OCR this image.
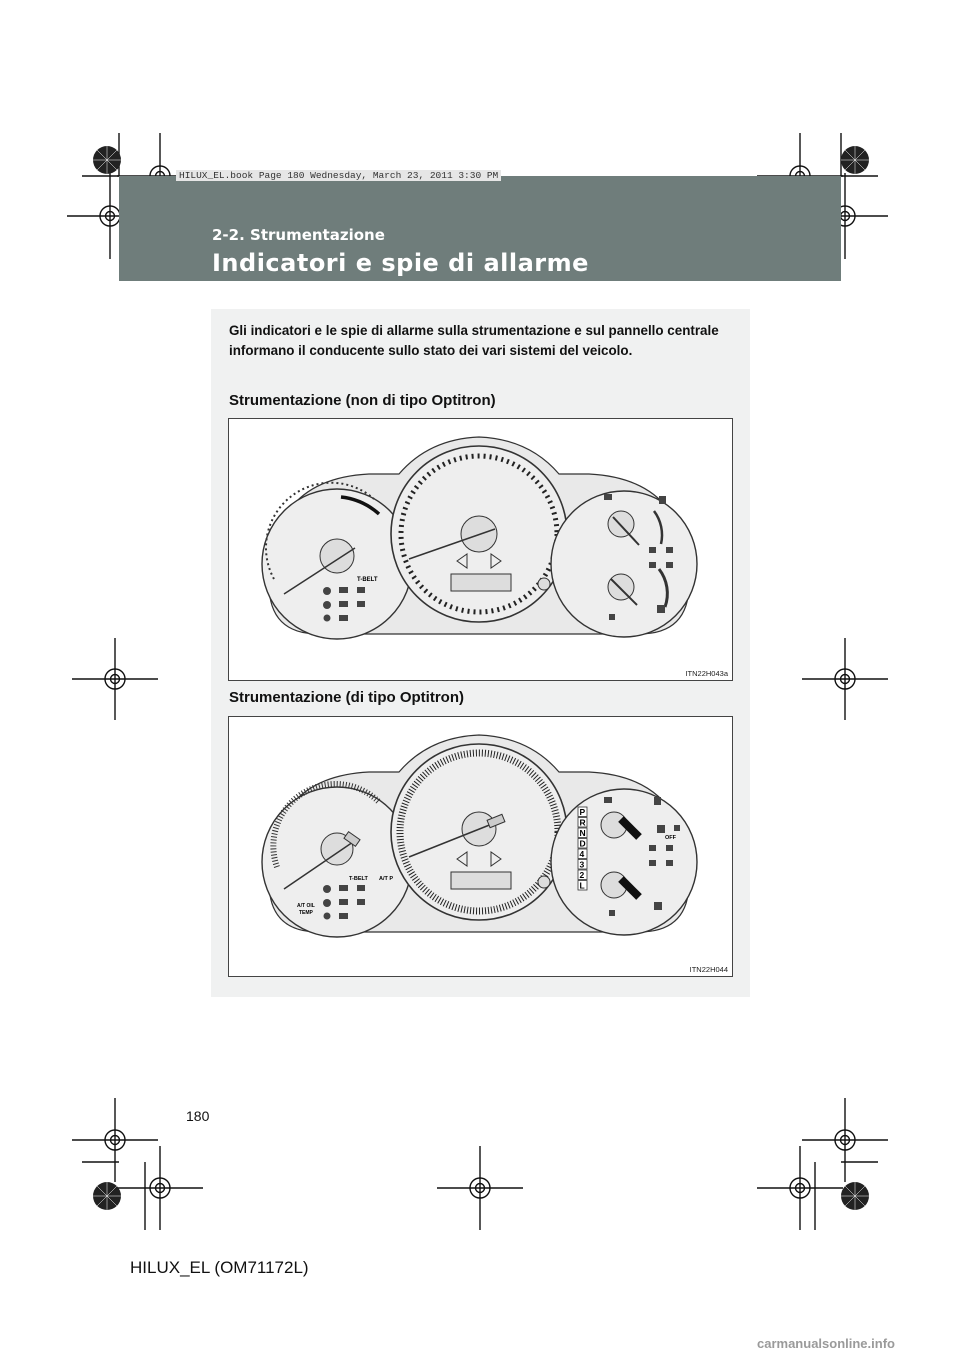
HILUX_EL.book Page 180 Wednesday, March 23, 2011 3:30 PM
2-2. Strumentazione
Indicatori e spie di allarme
Gli indicatori e le spie di allarme sulla strumentazione e sul pannello centrale informano il conducente sullo stato dei vari sistemi del veicolo.
Strumentazione (non di tipo Optitron)
T-BELT
ITN22H043a
Strumentazione (di tipo Optitron)
T-BELT A/T P
A/T OIL
TEMP
P
R
N
D
4
3
2
L
OFF
ITN22H044
180
HILUX_EL (OM71172L)
carmanualsonline.info
